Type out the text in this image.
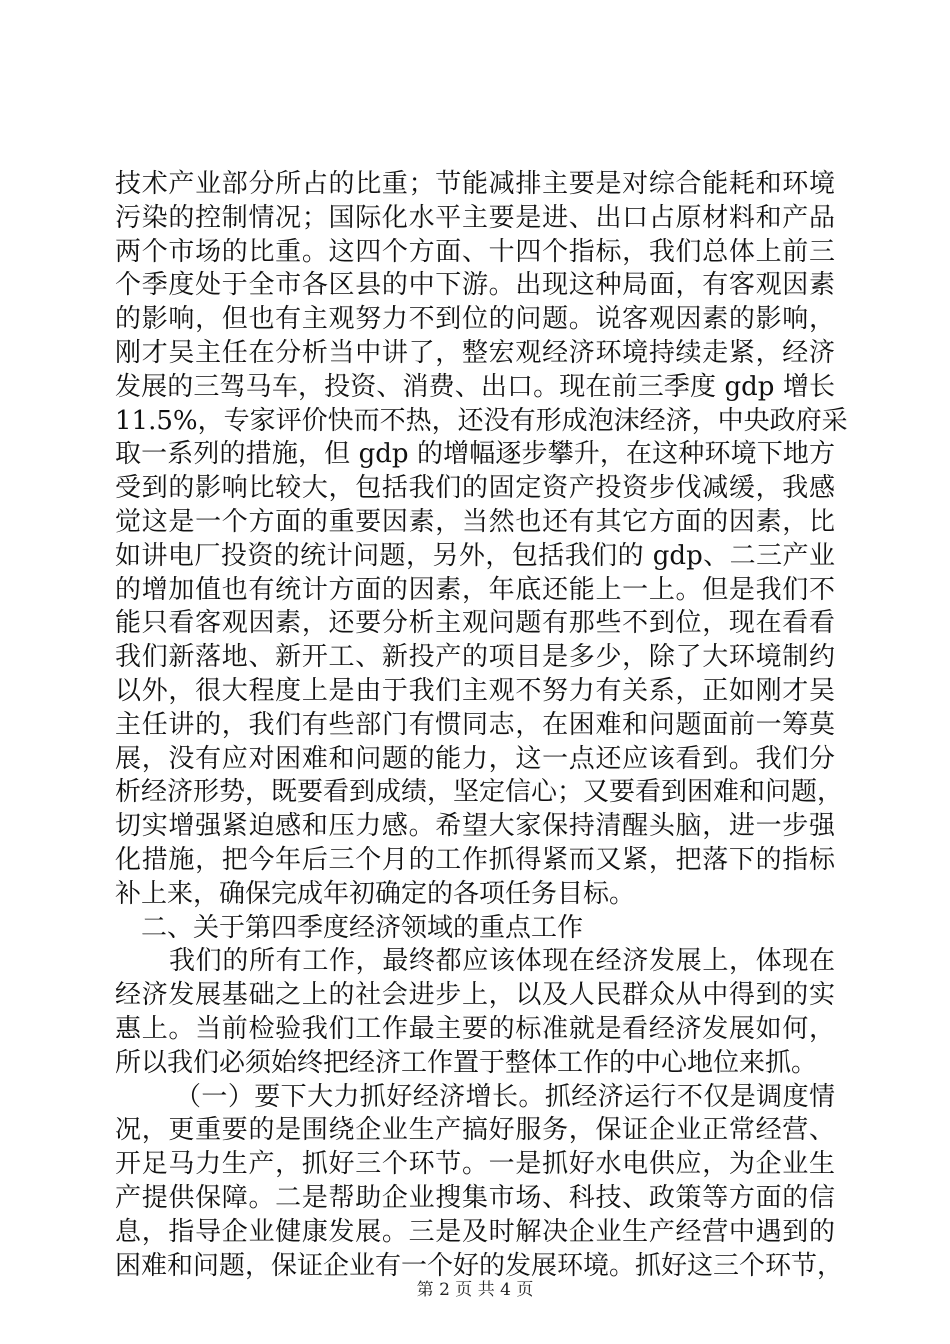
技术产业部分所占的比重；节能减排主要是对综合能耗和环境
污染的控制情况；国际化水平主要是进、出口占原材料和产品
两个市场的比重。这四个方面、十四个指标，我们总体上前三
个季度处于全市各区县的中下游。出现这种局面，有客观因素
的影响，但也有主观努力不到位的问题。说客观因素的影响，
刚才吴主任在分析当中讲了，整宏观经济环境持续走紧，经济
发展的三驾马车，投资、消费、出口。现在前三季度 gdp 增长
11.5%，专家评价快而不热，还没有形成泡沫经济，中央政府采
取一系列的措施，但 gdp 的增幅逐步攀升，在这种环境下地方
受到的影响比较大，包括我们的固定资产投资步伐减缓，我感
觉这是一个方面的重要因素，当然也还有其它方面的因素，比
如讲电厂投资的统计问题，另外，包括我们的 gdp、二三产业
的增加值也有统计方面的因素，年底还能上一上。但是我们不
能只看客观因素，还要分析主观问题有那些不到位，现在看看
我们新落地、新开工、新投产的项目是多少，除了大环境制约
以外，很大程度上是由于我们主观不努力有关系，正如刚才吴
主任讲的，我们有些部门有惯同志，在困难和问题面前一筹莫
展，没有应对困难和问题的能力，这一点还应该看到。我们分
析经济形势，既要看到成绩，坚定信心；又要看到困难和问题，
切实增强紧迫感和压力感。希望大家保持清醒头脑，进一步强
化措施，把今年后三个月的工作抓得紧而又紧，把落下的指标
补上来，确保完成年初确定的各项任务目标。
二、关于第四季度经济领域的重点工作
我们的所有工作，最终都应该体现在经济发展上，体现在
经济发展基础之上的社会进步上，以及人民群众从中得到的实
惠上。当前检验我们工作最主要的标准就是看经济发展如何，
所以我们必须始终把经济工作置于整体工作的中心地位来抓。
（一）要下大力抓好经济增长。抓经济运行不仅是调度情
况，更重要的是围绕企业生产搞好服务，保证企业正常经营、
开足马力生产，抓好三个环节。一是抓好水电供应，为企业生
产提供保障。二是帮助企业搜集市场、科技、政策等方面的信
息，指导企业健康发展。三是及时解决企业生产经营中遇到的
困难和问题，保证企业有一个好的发展环境。抓好这三个环节，
第 2 页 共 4 页
